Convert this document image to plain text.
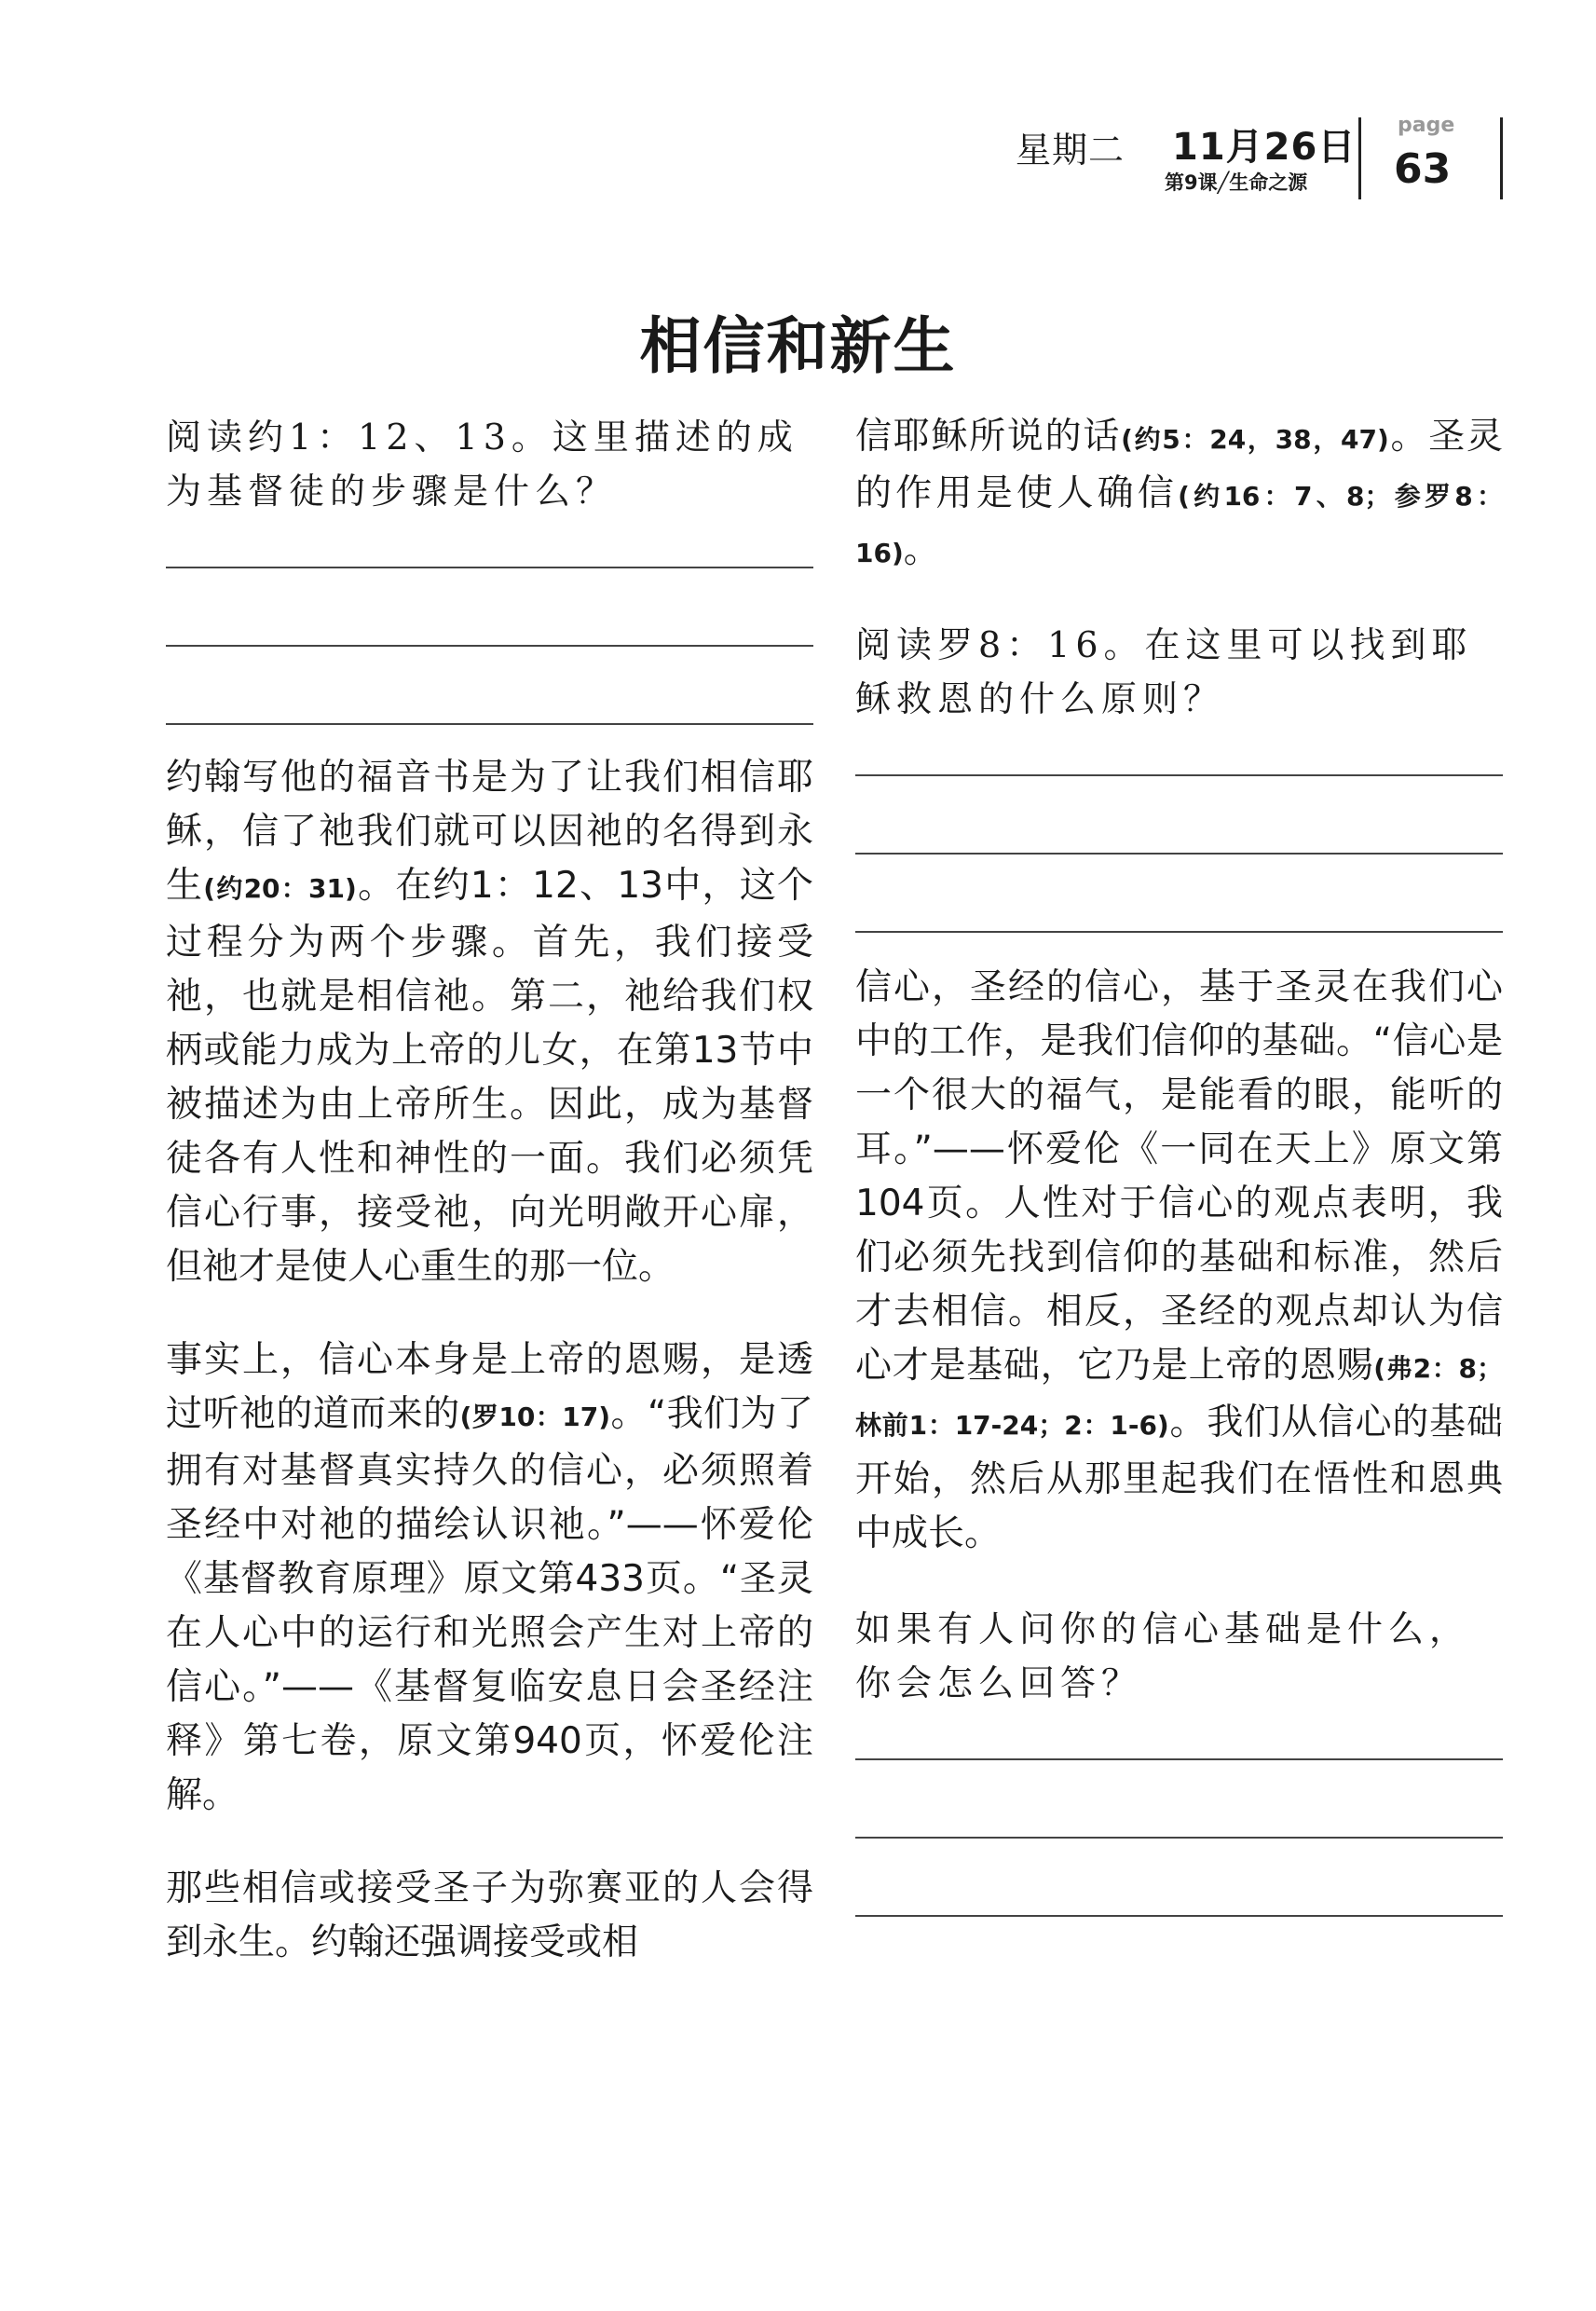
星期二 11月26日
第9课╱生命之源
page
63
相信和新生

阅读约1：12、13。这里描述的成为基督徒的步骤是什么？

约翰写他的福音书是为了让我们相信耶稣，信了祂我们就可以因祂的名得到永生(约20：31)。在约1：12、13中，这个过程分为两个步骤。首先，我们接受祂，也就是相信祂。第二，祂给我们权柄或能力成为上帝的儿女，在第13节中被描述为由上帝所生。因此，成为基督徒各有人性和神性的一面。我们必须凭信心行事，接受祂，向光明敞开心扉，但祂才是使人心重生的那一位。

事实上，信心本身是上帝的恩赐，是透过听祂的道而来的(罗10：17)。“我们为了拥有对基督真实持久的信心，必须照着圣经中对祂的描绘认识祂。”——怀爱伦《基督教育原理》原文第433页。“圣灵在人心中的运行和光照会产生对上帝的信心。”——《基督复临安息日会圣经注释》第七卷，原文第940页，怀爱伦注解。

那些相信或接受圣子为弥赛亚的人会得到永生。约翰还强调接受或相

信耶稣所说的话(约5：24，38，47)。圣灵的作用是使人确信(约16：7、8；参罗8：16)。

阅读罗8：16。在这里可以找到耶稣救恩的什么原则？

信心，圣经的信心，基于圣灵在我们心中的工作，是我们信仰的基础。“信心是一个很大的福气，是能看的眼，能听的耳。”——怀爱伦《一同在天上》原文第104页。人性对于信心的观点表明，我们必须先找到信仰的基础和标准，然后才去相信。相反，圣经的观点却认为信心才是基础，它乃是上帝的恩赐(弗2：8；林前1：17-24；2：1-6)。我们从信心的基础开始，然后从那里起我们在悟性和恩典中成长。

如果有人问你的信心基础是什么，你会怎么回答？
